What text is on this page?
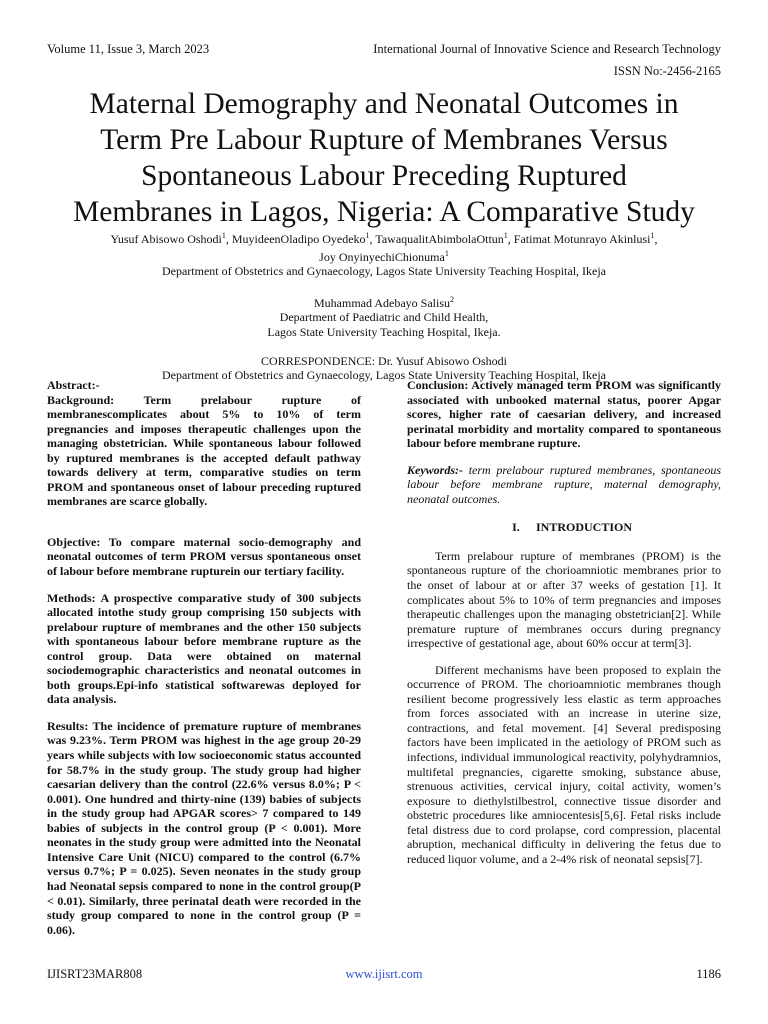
Volume 11, Issue 3, March 2023	International Journal of Innovative Science and Research Technology
ISSN No:-2456-2165
Maternal Demography and Neonatal Outcomes in
Term Pre Labour Rupture of Membranes Versus
Spontaneous Labour Preceding Ruptured
Membranes in Lagos, Nigeria: A Comparative Study
Yusuf Abisowo Oshodi$^1$, MuyideenOladipo Oyedeko$^1$, TawaqualitAbimbolaOttun$^1$, Fatimat Motunrayo Akinlusi$^1$,
Joy OnyinyechiChionuma$^1$
Department of Obstetrics and Gynaecology, Lagos State University Teaching Hospital, Ikeja
Muhammad Adebayo Salisu$^2$
Department of Paediatric and Child Health,
Lagos State University Teaching Hospital, Ikeja.
CORRESPONDENCE: Dr. Yusuf Abisowo Oshodi
Department of Obstetrics and Gynaecology, Lagos State University Teaching Hospital, Ikeja

Abstract:-

Background: Term prelabour rupture of membranescomplicates about 5% to 10% of term pregnancies and imposes therapeutic challenges upon the managing obstetrician. While spontaneous labour followed by ruptured membranes is the accepted default pathway towards delivery at term, comparative studies on term PROM and spontaneous onset of labour preceding ruptured membranes are scarce globally.

Objective: To compare maternal socio-demography and neonatal outcomes of term PROM versus spontaneous onset of labour before membrane rupturein our tertiary facility.

Methods: A prospective comparative study of 300 subjects allocated intothe study group comprising 150 subjects with prelabour rupture of membranes and the other 150 subjects with spontaneous labour before membrane rupture as the control group. Data were obtained on maternal sociodemographic characteristics and neonatal outcomes in both groups.Epi-info statistical softwarewas deployed for data analysis.

Results: The incidence of premature rupture of membranes was 9.23%. Term PROM was highest in the age group 20-29 years while subjects with low socioeconomic status accounted for 58.7% in the study group. The study group had higher caesarian delivery than the control (22.6% versus 8.0%; P < 0.001). One hundred and thirty-nine (139) babies of subjects in the study group had APGAR scores> 7 compared to 149 babies of subjects in the control group (P < 0.001). More neonates in the study group were admitted into the Neonatal Intensive Care Unit (NICU) compared to the control (6.7% versus 0.7%; P = 0.025). Seven neonates in the study group had Neonatal sepsis compared to none in the control group(P < 0.01). Similarly, three perinatal death were recorded in the study group compared to none in the control group (P = 0.06).

Conclusion: Actively managed term PROM was significantly associated with unbooked maternal status, poorer Apgar scores, higher rate of caesarian delivery, and increased perinatal morbidity and mortality compared to spontaneous labour before membrane rupture.

Keywords:- term prelabour ruptured membranes, spontaneous labour before membrane rupture, maternal demography, neonatal outcomes.

I. INTRODUCTION

Term prelabour rupture of membranes (PROM) is the spontaneous rupture of the chorioamniotic membranes prior to the onset of labour at or after 37 weeks of gestation [1]. It complicates about 5% to 10% of term pregnancies and imposes therapeutic challenges upon the managing obstetrician[2]. While premature rupture of membranes occurs during pregnancy irrespective of gestational age, about 60% occur at term[3].

Different mechanisms have been proposed to explain the occurrence of PROM. The chorioamniotic membranes though resilient become progressively less elastic as term approaches from forces associated with an increase in uterine size, contractions, and fetal movement. [4] Several predisposing factors have been implicated in the aetiology of PROM such as infections, individual immunological reactivity, polyhydramnios, multifetal pregnancies, cigarette smoking, substance abuse, strenuous activities, cervical injury, coital activity, women’s exposure to diethylstilbestrol, connective tissue disorder and obstetric procedures like amniocentesis[5,6]. Fetal risks include fetal distress due to cord prolapse, cord compression, placental abruption, mechanical difficulty in delivering the fetus due to reduced liquor volume, and a 2-4% risk of neonatal sepsis[7].

IJISRT23MAR808	www.ijisrt.com	1186
